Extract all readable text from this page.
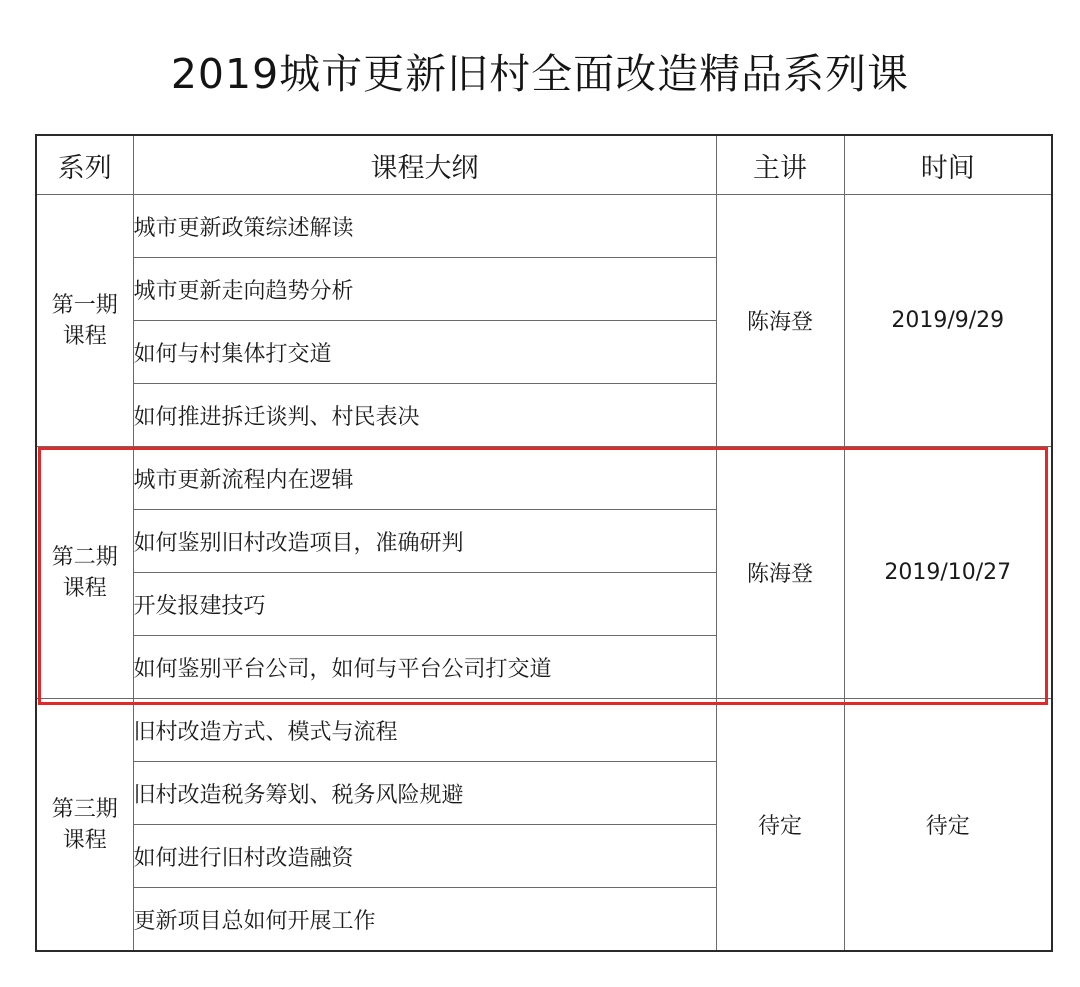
2019城市更新旧村全面改造精品系列课
系列	课程大纲	主讲	时间
第一期
课程	城市更新政策综述解读	陈海登	2019/9/29
	城市更新走向趋势分析		
	如何与村集体打交道		
	如何推进拆迁谈判、村民表决		
第二期
课程	城市更新流程内在逻辑	陈海登	2019/10/27
	如何鉴别旧村改造项目，准确研判		
	开发报建技巧		
	如何鉴别平台公司，如何与平台公司打交道		
第三期
课程	旧村改造方式、模式与流程	待定	待定
	旧村改造税务筹划、税务风险规避		
	如何进行旧村改造融资		
	更新项目总如何开展工作		
